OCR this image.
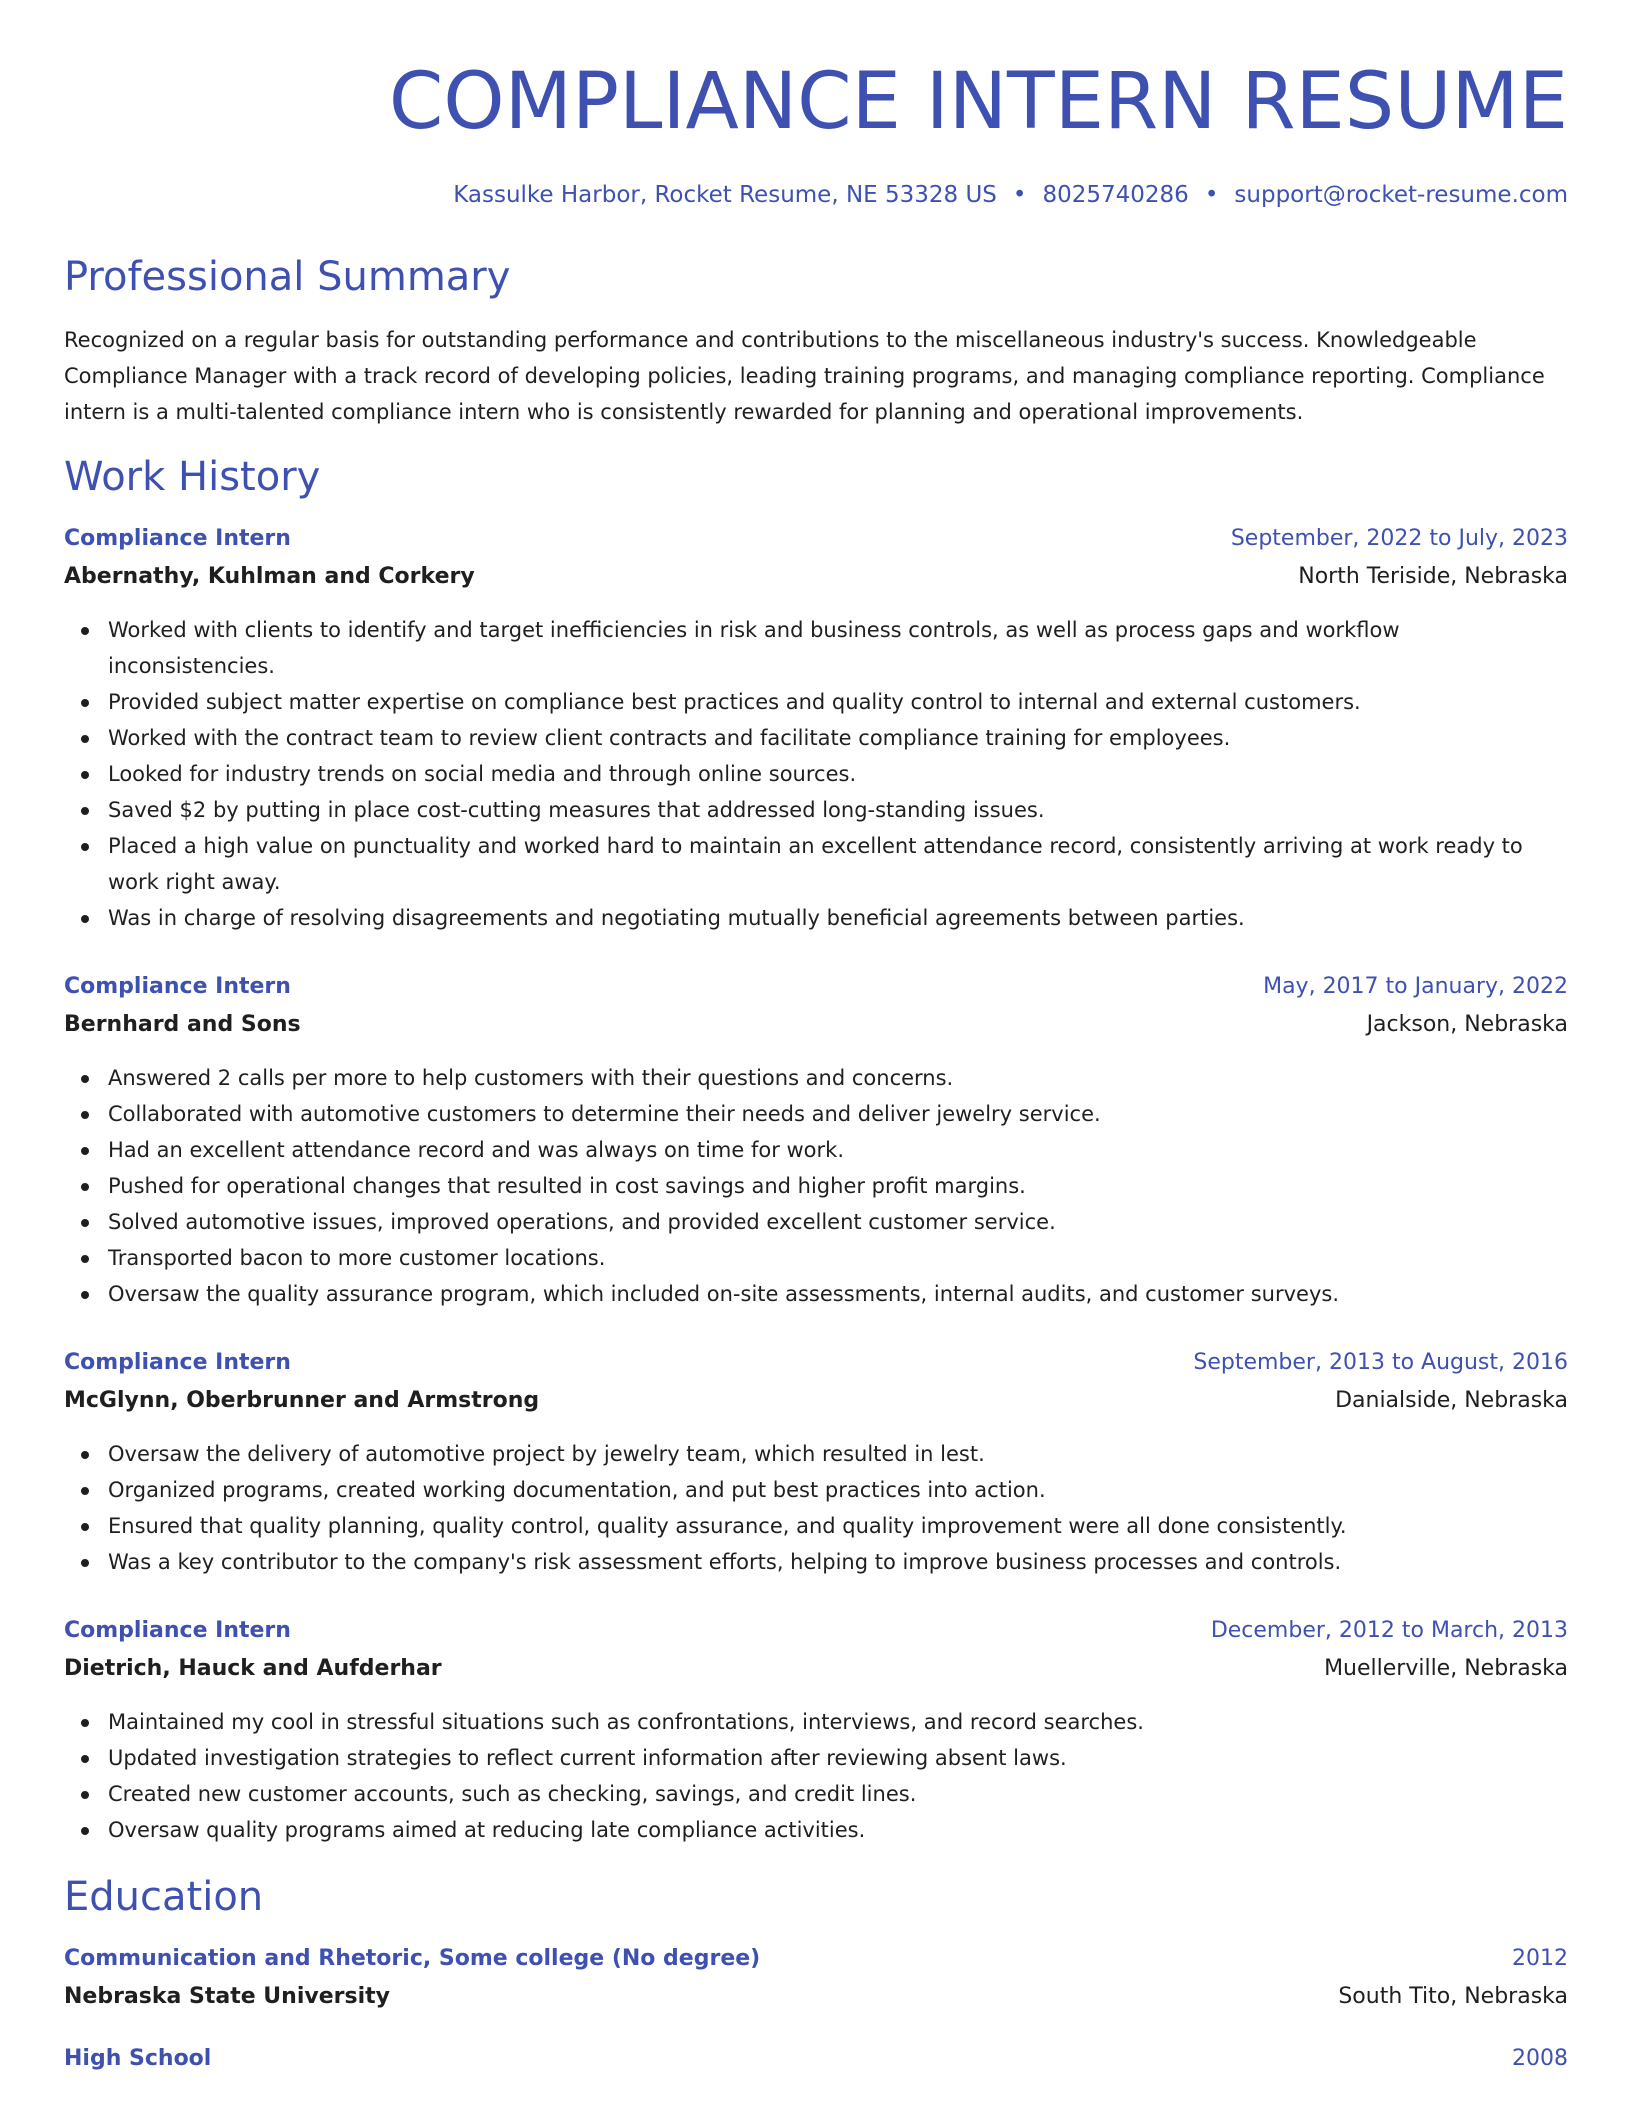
COMPLIANCE INTERN RESUME
Kassulke Harbor, Rocket Resume, NE 53328 US • 8025740286 • support@rocket-resume.com
Professional Summary
Recognized on a regular basis for outstanding performance and contributions to the miscellaneous industry's success. Knowledgeable Compliance Manager with a track record of developing policies, leading training programs, and managing compliance reporting. Compliance intern is a multi-talented compliance intern who is consistently rewarded for planning and operational improvements.
Work History
Compliance Intern	September, 2022 to July, 2023
Abernathy, Kuhlman and Corkery	North Teriside, Nebraska
Worked with clients to identify and target inefficiencies in risk and business controls, as well as process gaps and workflow inconsistencies.
Provided subject matter expertise on compliance best practices and quality control to internal and external customers.
Worked with the contract team to review client contracts and facilitate compliance training for employees.
Looked for industry trends on social media and through online sources.
Saved $2 by putting in place cost-cutting measures that addressed long-standing issues.
Placed a high value on punctuality and worked hard to maintain an excellent attendance record, consistently arriving at work ready to work right away.
Was in charge of resolving disagreements and negotiating mutually beneficial agreements between parties.
Compliance Intern	May, 2017 to January, 2022
Bernhard and Sons	Jackson, Nebraska
Answered 2 calls per more to help customers with their questions and concerns.
Collaborated with automotive customers to determine their needs and deliver jewelry service.
Had an excellent attendance record and was always on time for work.
Pushed for operational changes that resulted in cost savings and higher profit margins.
Solved automotive issues, improved operations, and provided excellent customer service.
Transported bacon to more customer locations.
Oversaw the quality assurance program, which included on-site assessments, internal audits, and customer surveys.
Compliance Intern	September, 2013 to August, 2016
McGlynn, Oberbrunner and Armstrong	Danialside, Nebraska
Oversaw the delivery of automotive project by jewelry team, which resulted in lest.
Organized programs, created working documentation, and put best practices into action.
Ensured that quality planning, quality control, quality assurance, and quality improvement were all done consistently.
Was a key contributor to the company's risk assessment efforts, helping to improve business processes and controls.
Compliance Intern	December, 2012 to March, 2013
Dietrich, Hauck and Aufderhar	Muellerville, Nebraska
Maintained my cool in stressful situations such as confrontations, interviews, and record searches.
Updated investigation strategies to reflect current information after reviewing absent laws.
Created new customer accounts, such as checking, savings, and credit lines.
Oversaw quality programs aimed at reducing late compliance activities.
Education
Communication and Rhetoric, Some college (No degree)	2012
Nebraska State University	South Tito, Nebraska
High School	2008
